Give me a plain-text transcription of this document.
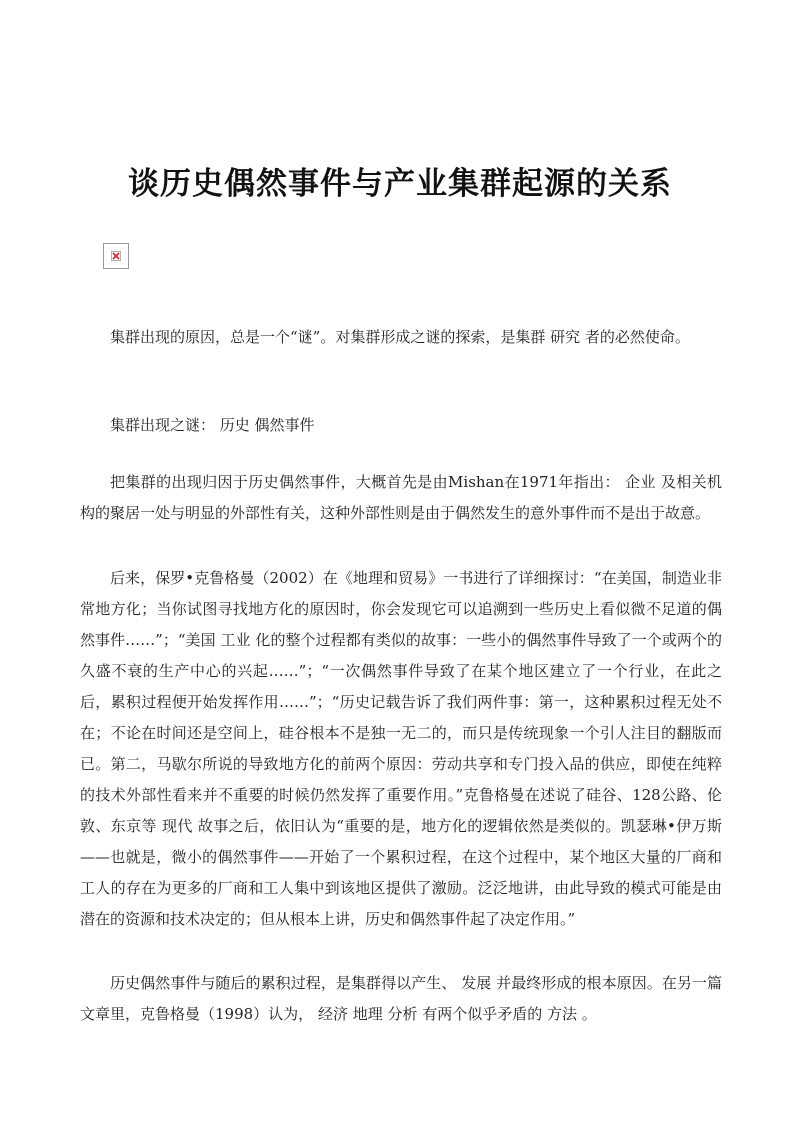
谈历史偶然事件与产业集群起源的关系

集群出现的原因，总是一个“谜”。对集群形成之谜的探索，是集群 研究 者的必然使命。

集群出现之谜： 历史 偶然事件

把集群的出现归因于历史偶然事件，大概首先是由Mishan在1971年指出： 企业 及相关机构的聚居一处与明显的外部性有关，这种外部性则是由于偶然发生的意外事件而不是出于故意。

后来，保罗•克鲁格曼（2002）在《地理和贸易》一书进行了详细探讨：“在美国，制造业非常地方化；当你试图寻找地方化的原因时，你会发现它可以追溯到一些历史上看似微不足道的偶然事件……”；“美国 工业 化的整个过程都有类似的故事：一些小的偶然事件导致了一个或两个的久盛不衰的生产中心的兴起……”；“一次偶然事件导致了在某个地区建立了一个行业，在此之后，累积过程便开始发挥作用……”；“历史记载告诉了我们两件事：第一，这种累积过程无处不在；不论在时间还是空间上，硅谷根本不是独一无二的，而只是传统现象一个引人注目的翻版而已。第二，马歇尔所说的导致地方化的前两个原因：劳动共享和专门投入品的供应，即使在纯粹的技术外部性看来并不重要的时候仍然发挥了重要作用。”克鲁格曼在述说了硅谷、128公路、伦敦、东京等 现代 故事之后，依旧认为“重要的是，地方化的逻辑依然是类似的。凯瑟琳•伊万斯——也就是，微小的偶然事件——开始了一个累积过程，在这个过程中，某个地区大量的厂商和工人的存在为更多的厂商和工人集中到该地区提供了激励。泛泛地讲，由此导致的模式可能是由潜在的资源和技术决定的；但从根本上讲，历史和偶然事件起了决定作用。”

历史偶然事件与随后的累积过程，是集群得以产生、 发展 并最终形成的根本原因。在另一篇文章里，克鲁格曼（1998）认为， 经济 地理 分析 有两个似乎矛盾的 方法 。
